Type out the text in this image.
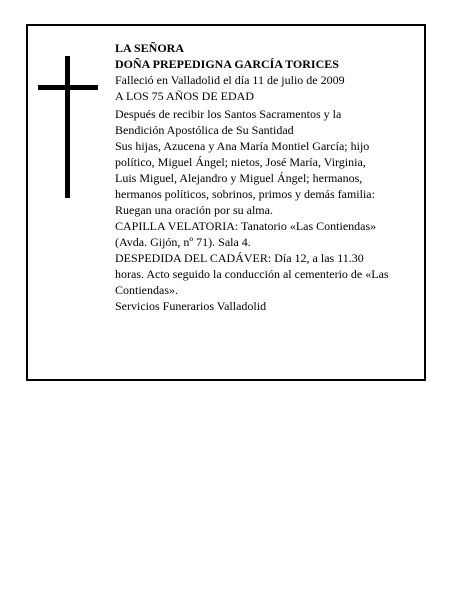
LA SEÑORA
DOÑA PREPEDIGNA GARCÍA TORICES
Falleció en Valladolid el día 11 de julio de 2009
A LOS 75 AÑOS DE EDAD
Después de recibir los Santos Sacramentos y la
Bendición Apostólica de Su Santidad
Sus hijas, Azucena y Ana María Montiel García; hijo
político, Miguel Ángel; nietos, José María, Virginia,
Luis Miguel, Alejandro y Miguel Ángel; hermanos,
hermanos políticos, sobrinos, primos y demás familia:
Ruegan una oración por su alma.
CAPILLA VELATORIA: Tanatorio «Las Contiendas»
(Avda. Gijón, nº 71). Sala 4.
DESPEDIDA DEL CADÁVER: Día 12, a las 11.30
horas. Acto seguido la conducción al cementerio de «Las
Contiendas».
Servicios Funerarios Valladolid
